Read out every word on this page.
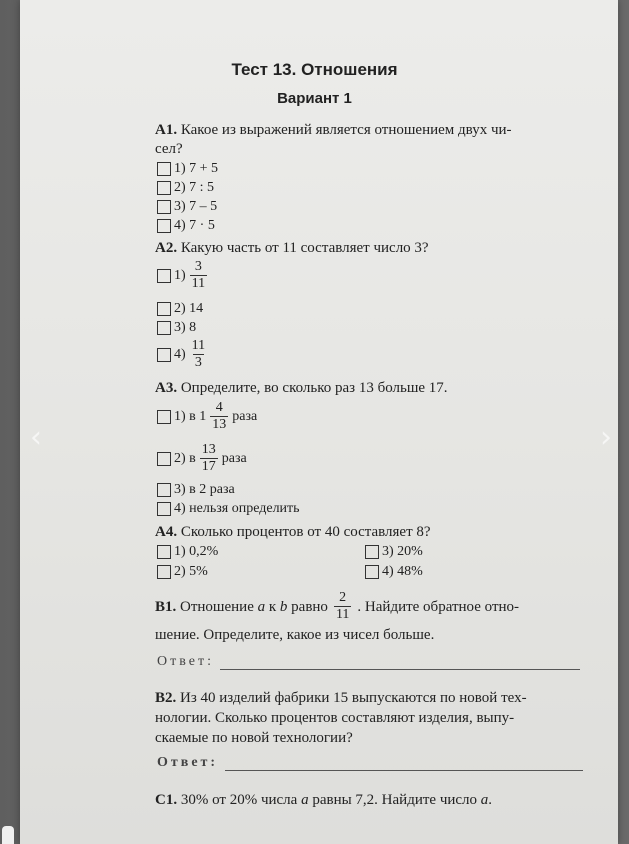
Тест 13. Отношения
Вариант 1
А1. Какое из выражений является отношением двух чи-
сел?
1) 7 + 5
2) 7 : 5
3) 7 – 5
4) 7 · 5
А2. Какую часть от 11 составляет число 3?
$1) \frac{3}{11}$
2) 14
3) 8
$4) \frac{11}{3}$
А3. Определите, во сколько раз 13 больше 17.
1) в $1 \frac{4}{13}$ раза
2) в $\frac{13}{17}$ раза
3) в 2 раза
4) нельзя определить
А4. Сколько процентов от 40 составляет 8?
1) 0,2%
2) 5%
3) 20%
4) 48%
В1.
Отношение
a
к
b
равно $\frac{2}{11}$ . Найдите обратное отно-
шение. Определите, какое из чисел больше.
Ответ:
В2. Из 40 изделий фабрики 15 выпускаются по новой тех-
нологии. Сколько процентов составляют изделия, выпу-
скаемые по новой технологии?
Ответ:
С1. 30% от 20% числа a равны 7,2. Найдите число a.
‹	›
